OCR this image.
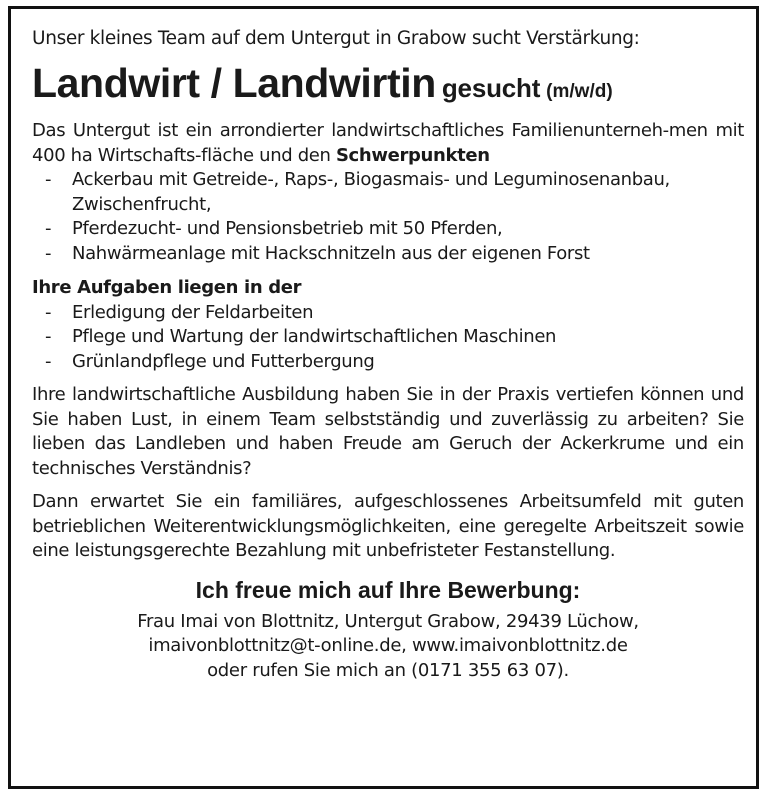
Unser kleines Team auf dem Untergut in Grabow sucht Verstärkung:

Landwirt / Landwirtin gesucht (m/w/d)

Das Untergut ist ein arrondierter landwirtschaftliches Familienunterneh-men mit 400 ha Wirtschafts-fläche und den Schwerpunkten

- Ackerbau mit Getreide-, Raps-, Biogasmais- und Leguminosenanbau, Zwischenfrucht,
- Pferdezucht- und Pensionsbetrieb mit 50 Pferden,
- Nahwärmeanlage mit Hackschnitzeln aus der eigenen Forst

Ihre Aufgaben liegen in der

- Erledigung der Feldarbeiten
- Pflege und Wartung der landwirtschaftlichen Maschinen
- Grünlandpflege und Futterbergung

Ihre landwirtschaftliche Ausbildung haben Sie in der Praxis vertiefen können und Sie haben Lust, in einem Team selbstständig und zuverlässig zu arbeiten? Sie lieben das Landleben und haben Freude am Geruch der Ackerkrume und ein technisches Verständnis?

Dann erwartet Sie ein familiäres, aufgeschlossenes Arbeitsumfeld mit guten betrieblichen Weiterentwicklungsmöglichkeiten, eine geregelte Arbeitszeit sowie eine leistungsgerechte Bezahlung mit unbefristeter Festanstellung.

Ich freue mich auf Ihre Bewerbung:

Frau Imai von Blottnitz, Untergut Grabow, 29439 Lüchow,

imaivonblottnitz@t-online.de, www.imaivonblottnitz.de

oder rufen Sie mich an (0171 355 63 07).
